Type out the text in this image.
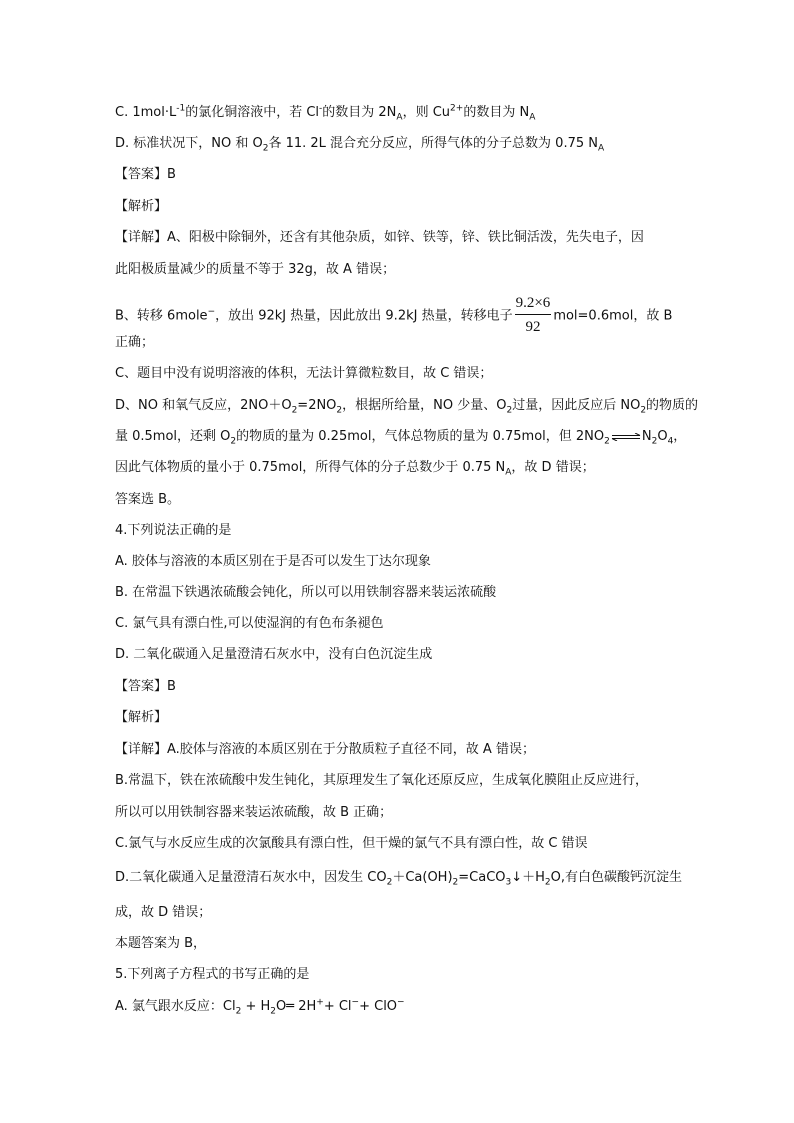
C. $1mol\cdot L^{-1}$的氯化铜溶液中，若 Cl-的数目为 $2N_A$，则 $Cu^{2+}$的数目为 $N_A$
D. 标准状况下，NO 和 $O_2$各 11. 2L 混合充分反应，所得气体的分子总数为 0.75 $N_A$
【答案】B
【解析】
【详解】A、阳极中除铜外，还含有其他杂质，如锌、铁等，锌、铁比铜活泼，先失电子，因
此阳极质量减少的质量不等于 32g，故 A 错误；
B、转移 6mole−，放出 92kJ 热量，因此放出 9.2kJ 热量，转移电子 $\frac{9.2\times 6}{92} mol=0.6mol$，故 B
正确；
C、题目中没有说明溶液的体积，无法计算微粒数目，故 C 错误；
D、NO 和氧气反应，$2NO+O_2=2NO_2$，根据所给量，NO 少量、$O_2$过量，因此反应后 $NO_2$的物质的
量 0.5mol，还剩 $O_2$的物质的量为 0.25mol，气体总物质的量为 0.75mol，但 $2NO_2$ $\rightleftharpoons N_2O_4$，
因此气体物质的量小于 0.75mol，所得气体的分子总数少于 0.75 $N_A$，故 D 错误；
答案选 B。
4.下列说法正确的是
A. 胶体与溶液的本质区别在于是否可以发生丁达尔现象
B. 在常温下铁遇浓硫酸会钝化，所以可以用铁制容器来装运浓硫酸
C. 氯气具有漂白性,可以使湿润的有色布条褪色
D. 二氧化碳通入足量澄清石灰水中，没有白色沉淀生成
【答案】B
【解析】
【详解】A.胶体与溶液的本质区别在于分散质粒子直径不同，故 A 错误；
B.常温下，铁在浓硫酸中发生钝化，其原理发生了氧化还原反应，生成氧化膜阻止反应进行，
所以可以用铁制容器来装运浓硫酸，故 B 正确；
C.氯气与水反应生成的次氯酸具有漂白性，但干燥的氯气不具有漂白性，故 C 错误
D.二氧化碳通入足量澄清石灰水中，因发生 $CO_2+Ca(OH)_2=CaCO_3↓+H_2O$,有白色碳酸钙沉淀生
成，故 D 错误；
本题答案为 B，
5.下列离子方程式的书写正确的是
A. 氯气跟水反应：$Cl_2$ + $H_2O═$ 2H++ Cl−+ ClO−
